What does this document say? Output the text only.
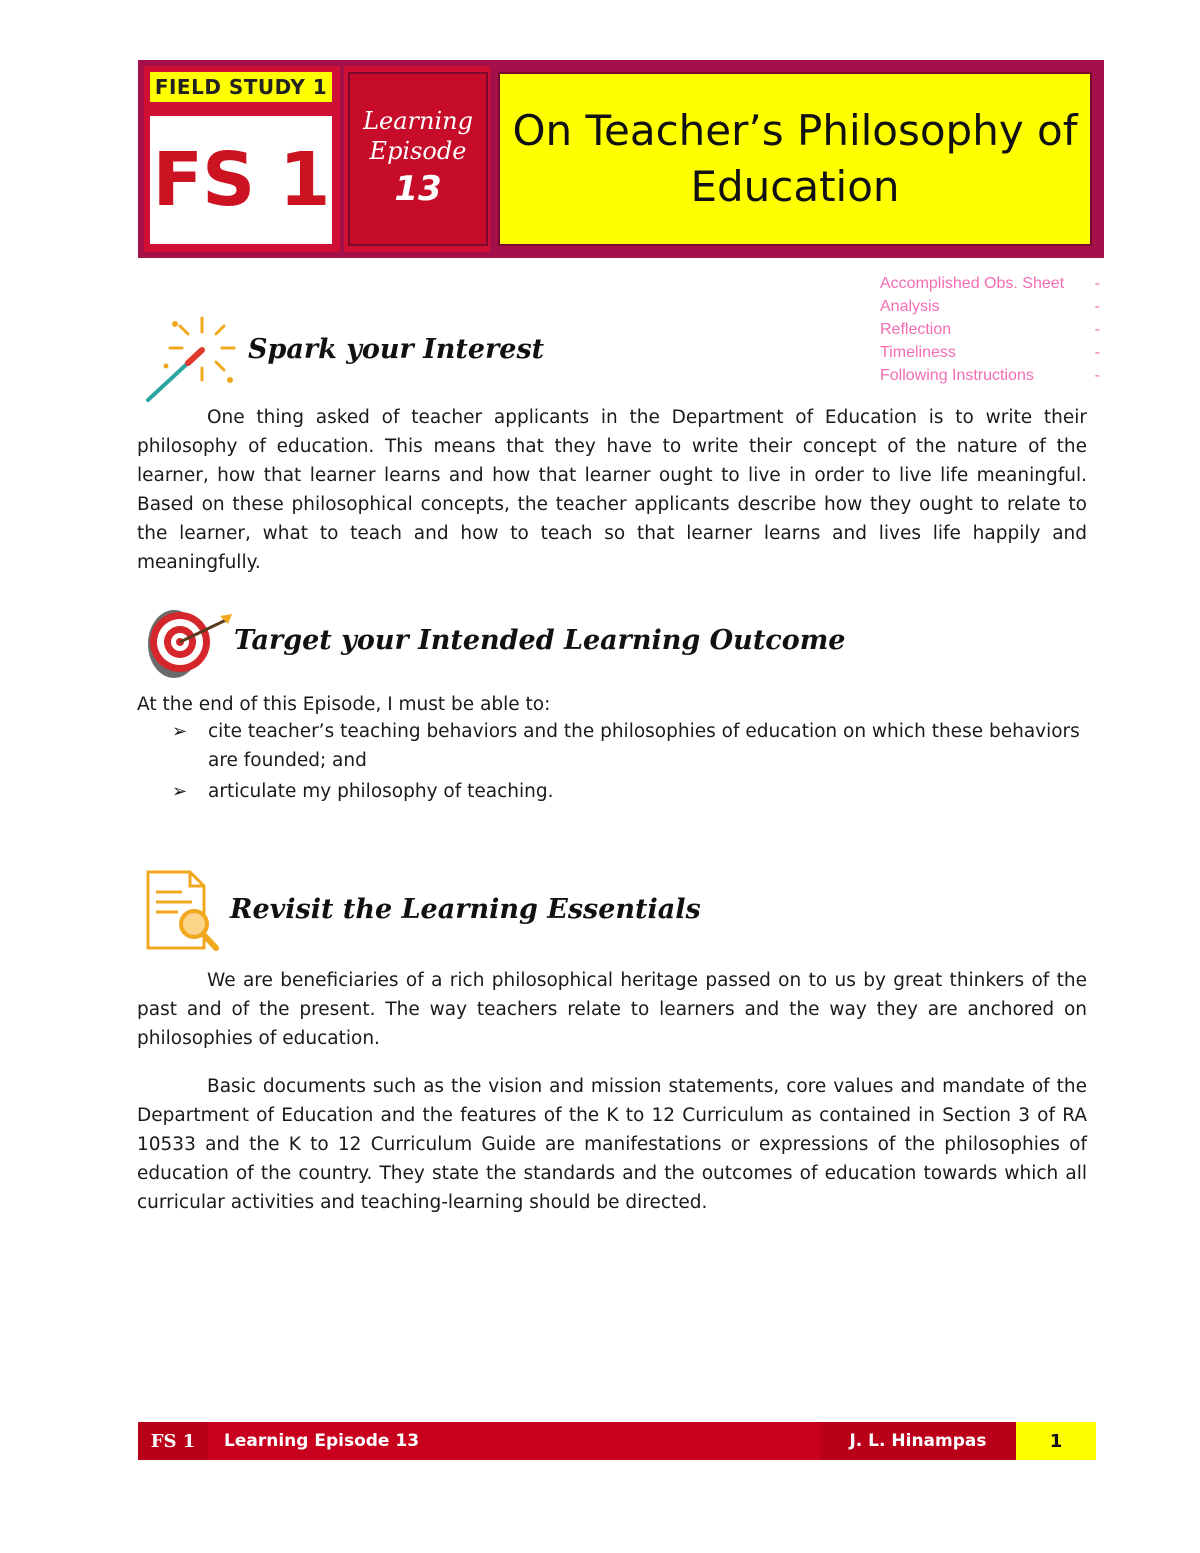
FIELD STUDY 1
FS 1
Learning
Episode
13
On Teacher’s Philosophy of
Education
Accomplished Obs. Sheet -
Analysis	-
Reflection	-
Timeliness	-
Following Instructions	-
Spark your Interest
One thing asked of teacher applicants in the Department of Education is to write their philosophy of education. This means that they have to write their concept of the nature of the learner, how that learner learns and how that learner ought to live in order to live life meaningful. Based on these philosophical concepts, the teacher applicants describe how they ought to relate to the learner, what to teach and how to teach so that learner learns and lives life happily and meaningfully.
Target your Intended Learning Outcome
At the end of this Episode, I must be able to:
➢	cite teacher’s teaching behaviors and the philosophies of education on which these behaviors are founded; and
➢	articulate my philosophy of teaching.
Revisit the Learning Essentials
We are beneficiaries of a rich philosophical heritage passed on to us by great thinkers of the past and of the present. The way teachers relate to learners and the way they are anchored on philosophies of education.
Basic documents such as the vision and mission statements, core values and mandate of the Department of Education and the features of the K to 12 Curriculum as contained in Section 3 of RA 10533 and the K to 12 Curriculum Guide are manifestations or expressions of the philosophies of education of the country. They state the standards and the outcomes of education towards which all curricular activities and teaching-learning should be directed.
FS 1	Learning Episode 13	J. L. Hinampas	1
